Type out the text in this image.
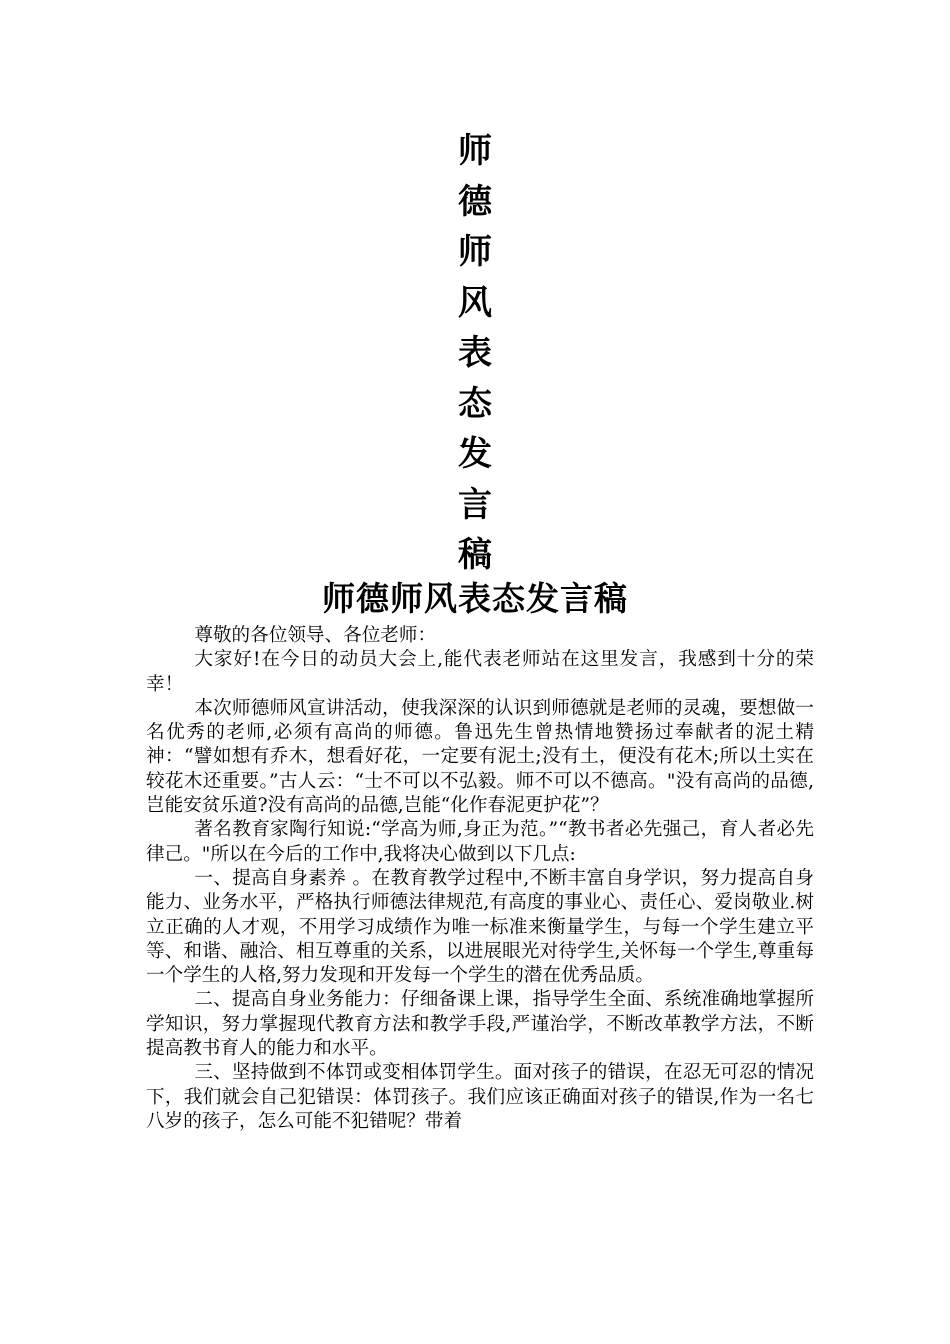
师
德
师
风
表
态
发
言
稿
师德师风表态发言稿

尊敬的各位领导、各位老师：

大家好!在今日的动员大会上,能代表老师站在这里发言，我感到十分的荣幸！

本次师德师风宣讲活动，使我深深的认识到师德就是老师的灵魂，要想做一名优秀的老师,必须有高尚的师德。鲁迅先生曾热情地赞扬过奉献者的泥土精神：“譬如想有乔木，想看好花，一定要有泥土;没有土，便没有花木;所以土实在较花木还重要。”古人云：“士不可以不弘毅。师不可以不德高。"没有高尚的品德,岂能安贫乐道?没有高尚的品德,岂能“化作春泥更护花”？

著名教育家陶行知说:“学高为师,身正为范。”“教书者必先强己，育人者必先律己。"所以在今后的工作中,我将决心做到以下几点:

一、提高自身素养 。在教育教学过程中,不断丰富自身学识，努力提高自身能力、业务水平，严格执行师德法律规范,有高度的事业心、责任心、爱岗敬业.树立正确的人才观，不用学习成绩作为唯一标准来衡量学生，与每一个学生建立平等、和谐、融洽、相互尊重的关系，以进展眼光对待学生,关怀每一个学生,尊重每一个学生的人格,努力发现和开发每一个学生的潜在优秀品质。

二、提高自身业务能力：仔细备课上课，指导学生全面、系统准确地掌握所学知识，努力掌握现代教育方法和教学手段,严谨治学，不断改革教学方法，不断提高教书育人的能力和水平。

三、坚持做到不体罚或变相体罚学生。面对孩子的错误，在忍无可忍的情况下，我们就会自己犯错误：体罚孩子。我们应该正确面对孩子的错误,作为一名七八岁的孩子，怎么可能不犯错呢？带着
